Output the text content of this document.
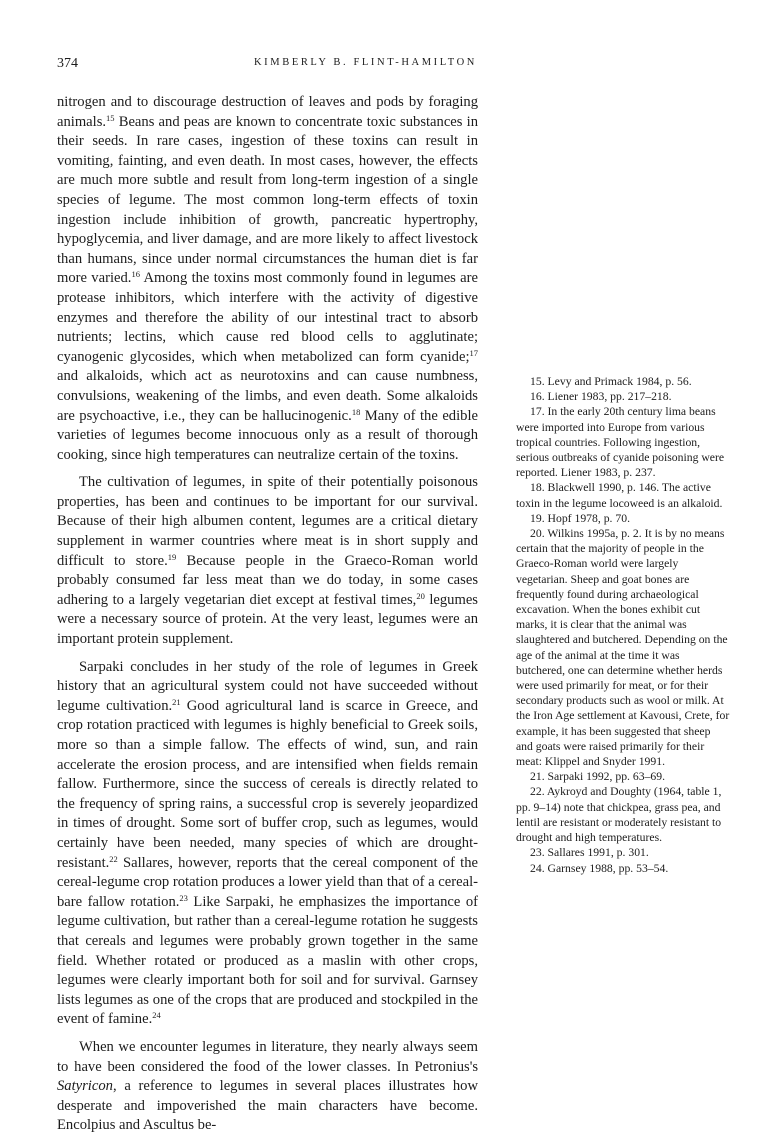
374	KIMBERLY B. FLINT-HAMILTON

nitrogen and to discourage destruction of leaves and pods by foraging animals.$^{15}$ Beans and peas are known to concentrate toxic substances in their seeds. In rare cases, ingestion of these toxins can result in vomiting, fainting, and even death. In most cases, however, the effects are much more subtle and result from long-term ingestion of a single species of legume. The most common long-term effects of toxin ingestion include inhibition of growth, pancreatic hypertrophy, hypoglycemia, and liver damage, and are more likely to affect livestock than humans, since under normal circumstances the human diet is far more varied.$^{16}$ Among the toxins most commonly found in legumes are protease inhibitors, which interfere with the activity of digestive enzymes and therefore the ability of our intestinal tract to absorb nutrients; lectins, which cause red blood cells to agglutinate; cyanogenic glycosides, which when metabolized can form cyanide;$^{17}$ and alkaloids, which act as neurotoxins and can cause numbness, convulsions, weakening of the limbs, and even death. Some alkaloids are psychoactive, i.e., they can be hallucinogenic.$^{18}$ Many of the edible varieties of legumes become innocuous only as a result of thorough cooking, since high temperatures can neutralize certain of the toxins.

The cultivation of legumes, in spite of their potentially poisonous properties, has been and continues to be important for our survival. Because of their high albumen content, legumes are a critical dietary supplement in warmer countries where meat is in short supply and difficult to store.$^{19}$ Because people in the Graeco-Roman world probably consumed far less meat than we do today, in some cases adhering to a largely vegetarian diet except at festival times,$^{20}$ legumes were a necessary source of protein. At the very least, legumes were an important protein supplement.

Sarpaki concludes in her study of the role of legumes in Greek history that an agricultural system could not have succeeded without legume cultivation.$^{21}$ Good agricultural land is scarce in Greece, and crop rotation practiced with legumes is highly beneficial to Greek soils, more so than a simple fallow. The effects of wind, sun, and rain accelerate the erosion process, and are intensified when fields remain fallow. Furthermore, since the success of cereals is directly related to the frequency of spring rains, a successful crop is severely jeopardized in times of drought. Some sort of buffer crop, such as legumes, would certainly have been needed, many species of which are drought-resistant.$^{22}$ Sallares, however, reports that the cereal component of the cereal-legume crop rotation produces a lower yield than that of a cereal-bare fallow rotation.$^{23}$ Like Sarpaki, he emphasizes the importance of legume cultivation, but rather than a cereal-legume rotation he suggests that cereals and legumes were probably grown together in the same field. Whether rotated or produced as a maslin with other crops, legumes were clearly important both for soil and for survival. Garnsey lists legumes as one of the crops that are produced and stockpiled in the event of famine.$^{24}$

When we encounter legumes in literature, they nearly always seem to have been considered the food of the lower classes. In Petronius's Satyricon, a reference to legumes in several places illustrates how desperate and impoverished the main characters have become. Encolpius and Ascultus be-

15. Levy and Primack 1984, p. 56.

16. Liener 1983, pp. 217–218.

17. In the early 20th century lima beans were imported into Europe from various tropical countries. Following ingestion, serious outbreaks of cyanide poisoning were reported. Liener 1983, p. 237.

18. Blackwell 1990, p. 146. The active toxin in the legume locoweed is an alkaloid.

19. Hopf 1978, p. 70.

20. Wilkins 1995a, p. 2. It is by no means certain that the majority of people in the Graeco-Roman world were largely vegetarian. Sheep and goat bones are frequently found during archaeological excavation. When the bones exhibit cut marks, it is clear that the animal was slaughtered and butchered. Depending on the age of the animal at the time it was butchered, one can determine whether herds were used primarily for meat, or for their secondary products such as wool or milk. At the Iron Age settlement at Kavousi, Crete, for example, it has been suggested that sheep and goats were raised primarily for their meat: Klippel and Snyder 1991.

21. Sarpaki 1992, pp. 63–69.

22. Aykroyd and Doughty (1964, table 1, pp. 9–14) note that chickpea, grass pea, and lentil are resistant or moderately resistant to drought and high temperatures.

23. Sallares 1991, p. 301.

24. Garnsey 1988, pp. 53–54.
